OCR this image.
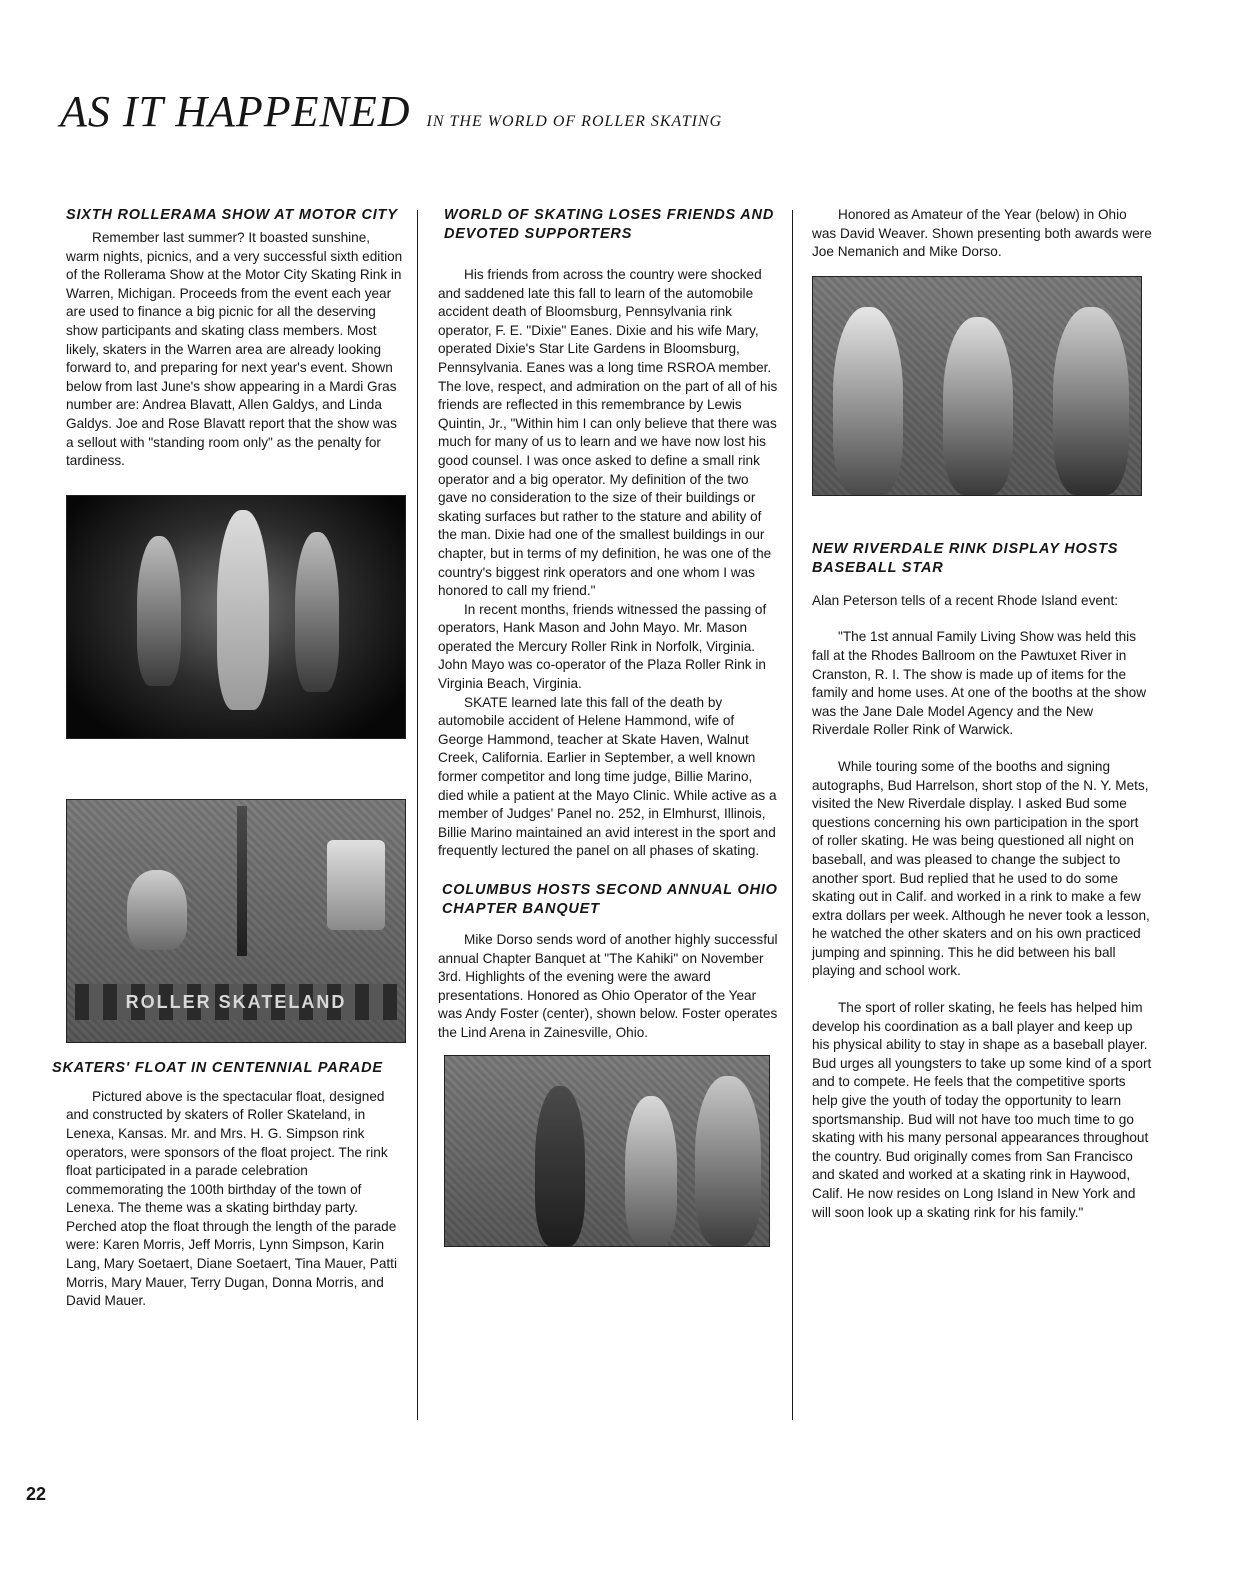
AS IT HAPPENED IN THE WORLD OF ROLLER SKATING
SIXTH ROLLERAMA SHOW AT MOTOR CITY

Remember last summer? It boasted sunshine, warm nights, picnics, and a very successful sixth edition of the Rollerama Show at the Motor City Skating Rink in Warren, Michigan. Proceeds from the event each year are used to finance a big picnic for all the deserving show participants and skating class members. Most likely, skaters in the Warren area are already looking forward to, and preparing for next year's event. Shown below from last June's show appearing in a Mardi Gras number are: Andrea Blavatt, Allen Galdys, and Linda Galdys. Joe and Rose Blavatt report that the show was a sellout with "standing room only" as the penalty for tardiness.

ROLLER SKATELAND
SKATERS' FLOAT IN CENTENNIAL PARADE

Pictured above is the spectacular float, designed and constructed by skaters of Roller Skateland, in Lenexa, Kansas. Mr. and Mrs. H. G. Simpson rink operators, were sponsors of the float project. The rink float participated in a parade celebration commemorating the 100th birthday of the town of Lenexa. The theme was a skating birthday party. Perched atop the float through the length of the parade were: Karen Morris, Jeff Morris, Lynn Simpson, Karin Lang, Mary Soetaert, Diane Soetaert, Tina Mauer, Patti Morris, Mary Mauer, Terry Dugan, Donna Morris, and David Mauer.

WORLD OF SKATING LOSES FRIENDS AND DEVOTED SUPPORTERS

His friends from across the country were shocked and saddened late this fall to learn of the automobile accident death of Bloomsburg, Pennsylvania rink operator, F. E. "Dixie" Eanes. Dixie and his wife Mary, operated Dixie's Star Lite Gardens in Bloomsburg, Pennsylvania. Eanes was a long time RSROA member. The love, respect, and admiration on the part of all of his friends are reflected in this remembrance by Lewis Quintin, Jr., "Within him I can only believe that there was much for many of us to learn and we have now lost his good counsel. I was once asked to define a small rink operator and a big operator. My definition of the two gave no consideration to the size of their buildings or skating surfaces but rather to the stature and ability of the man. Dixie had one of the smallest buildings in our chapter, but in terms of my definition, he was one of the country's biggest rink operators and one whom I was honored to call my friend."

In recent months, friends witnessed the passing of operators, Hank Mason and John Mayo. Mr. Mason operated the Mercury Roller Rink in Norfolk, Virginia. John Mayo was co-operator of the Plaza Roller Rink in Virginia Beach, Virginia.

SKATE learned late this fall of the death by automobile accident of Helene Hammond, wife of George Hammond, teacher at Skate Haven, Walnut Creek, California. Earlier in September, a well known former competitor and long time judge, Billie Marino, died while a patient at the Mayo Clinic. While active as a member of Judges' Panel no. 252, in Elmhurst, Illinois, Billie Marino maintained an avid interest in the sport and frequently lectured the panel on all phases of skating.

COLUMBUS HOSTS SECOND ANNUAL OHIO CHAPTER BANQUET

Mike Dorso sends word of another highly successful annual Chapter Banquet at "The Kahiki" on November 3rd. Highlights of the evening were the award presentations. Honored as Ohio Operator of the Year was Andy Foster (center), shown below. Foster operates the Lind Arena in Zainesville, Ohio.

Honored as Amateur of the Year (below) in Ohio was David Weaver. Shown presenting both awards were Joe Nemanich and Mike Dorso.

NEW RIVERDALE RINK DISPLAY HOSTS BASEBALL STAR

Alan Peterson tells of a recent Rhode Island event:

"The 1st annual Family Living Show was held this fall at the Rhodes Ballroom on the Pawtuxet River in Cranston, R. I. The show is made up of items for the family and home uses. At one of the booths at the show was the Jane Dale Model Agency and the New Riverdale Roller Rink of Warwick.

While touring some of the booths and signing autographs, Bud Harrelson, short stop of the N. Y. Mets, visited the New Riverdale display. I asked Bud some questions concerning his own participation in the sport of roller skating. He was being questioned all night on baseball, and was pleased to change the subject to another sport. Bud replied that he used to do some skating out in Calif. and worked in a rink to make a few extra dollars per week. Although he never took a lesson, he watched the other skaters and on his own practiced jumping and spinning. This he did between his ball playing and school work.

The sport of roller skating, he feels has helped him develop his coordination as a ball player and keep up his physical ability to stay in shape as a baseball player. Bud urges all youngsters to take up some kind of a sport and to compete. He feels that the competitive sports help give the youth of today the opportunity to learn sportsmanship. Bud will not have too much time to go skating with his many personal appearances throughout the country. Bud originally comes from San Francisco and skated and worked at a skating rink in Haywood, Calif. He now resides on Long Island in New York and will soon look up a skating rink for his family."

22
